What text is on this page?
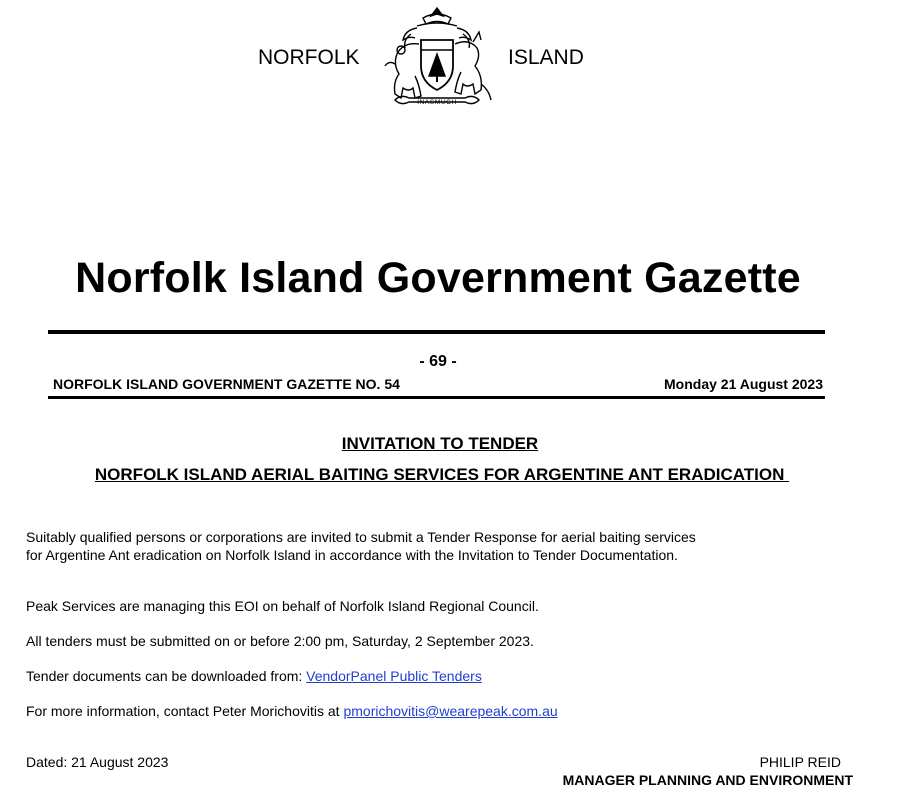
NORFOLK
INASMUCH
ISLAND
Norfolk Island Government Gazette
- 69 -
NORFOLK ISLAND GOVERNMENT GAZETTE NO. 54	Monday 21 August 2023
INVITATION TO TENDER
NORFOLK ISLAND AERIAL BAITING SERVICES FOR ARGENTINE ANT ERADICATION
Suitably qualified persons or corporations are invited to submit a Tender Response for aerial baiting services for Argentine Ant eradication on Norfolk Island in accordance with the Invitation to Tender Documentation.
Peak Services are managing this EOI on behalf of Norfolk Island Regional Council.
All tenders must be submitted on or before 2:00 pm, Saturday, 2 September 2023.
Tender documents can be downloaded from: VendorPanel Public Tenders
For more information, contact Peter Morichovitis at pmorichovitis@wearepeak.com.au
Dated: 21 August 2023	PHILIP REID
MANAGER PLANNING AND ENVIRONMENT
